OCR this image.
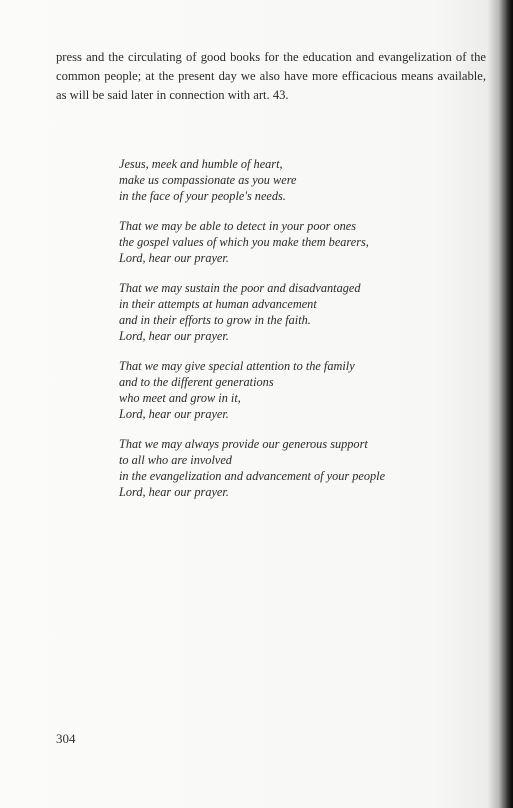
press and the circulating of good books for the education and evangelization of the common people; at the present day we also have more efficacious means available, as will be said later in connection with art. 43.

Jesus, meek and humble of heart,
make us compassionate as you were
in the face of your people's needs.
That we may be able to detect in your poor ones
the gospel values of which you make them bearers,
Lord, hear our prayer.
That we may sustain the poor and disadvantaged
in their attempts at human advancement
and in their efforts to grow in the faith.
Lord, hear our prayer.
That we may give special attention to the family
and to the different generations
who meet and grow in it,
Lord, hear our prayer.
That we may always provide our generous support
to all who are involved
in the evangelization and advancement of your people
Lord, hear our prayer.
304
